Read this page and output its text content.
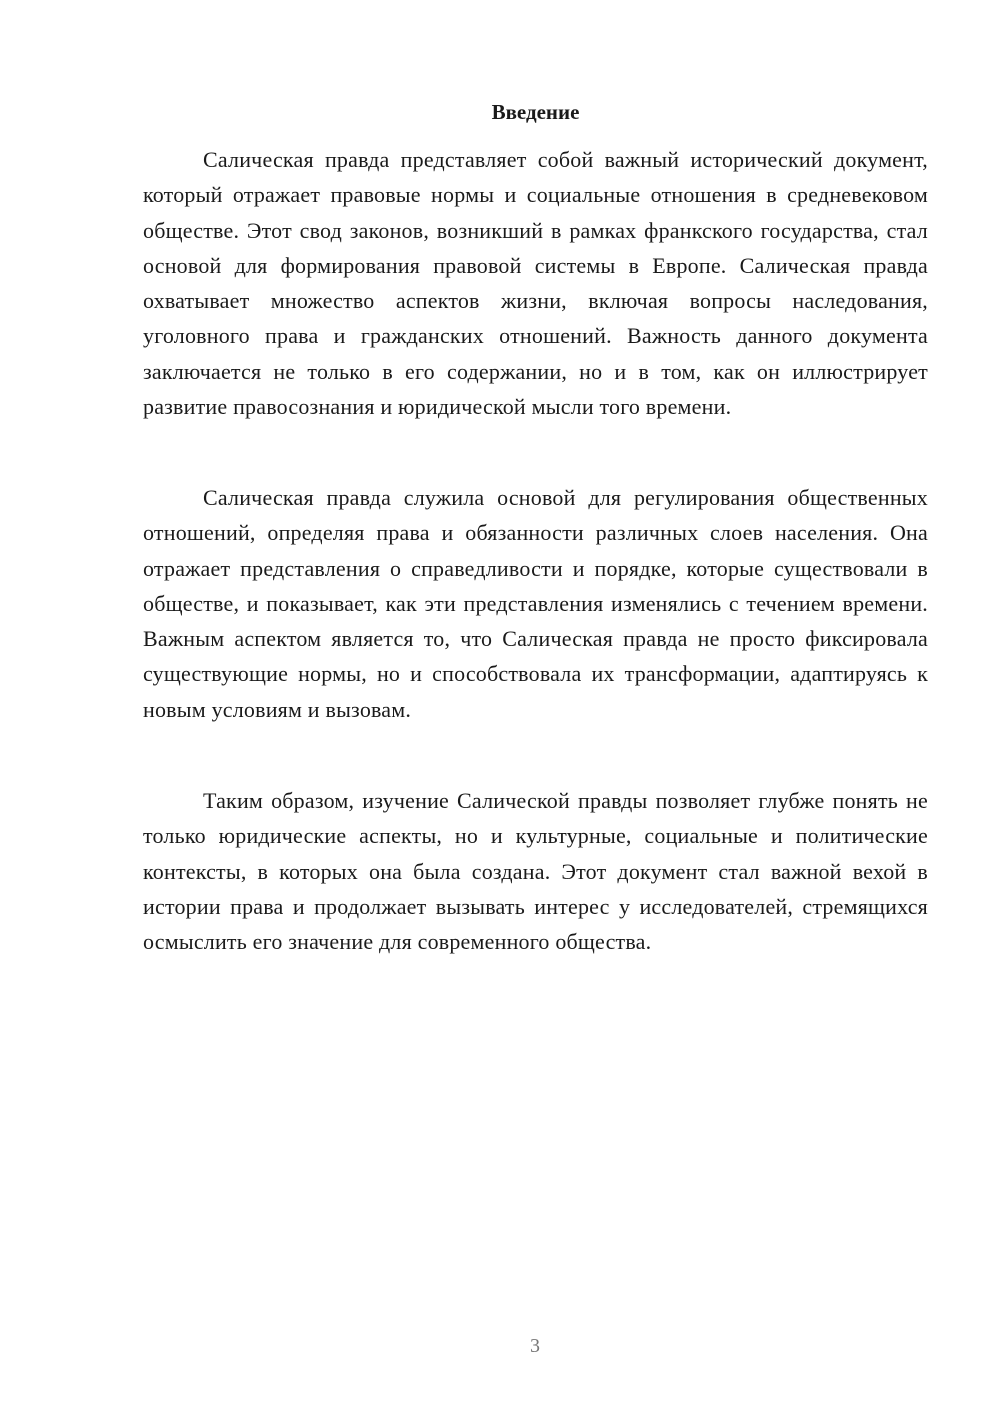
Введение

Салическая правда представляет собой важный исторический документ, который отражает правовые нормы и социальные отношения в средневековом обществе. Этот свод законов, возникший в рамках франкского государства, стал основой для формирования правовой системы в Европе. Салическая правда охватывает множество аспектов жизни, включая вопросы наследования, уголовного права и гражданских отношений. Важность данного документа заключается не только в его содержании, но и в том, как он иллюстрирует развитие правосознания и юридической мысли того времени.

Салическая правда служила основой для регулирования общественных отношений, определяя права и обязанности различных слоев населения. Она отражает представления о справедливости и порядке, которые существовали в обществе, и показывает, как эти представления изменялись с течением времени. Важным аспектом является то, что Салическая правда не просто фиксировала существующие нормы, но и способствовала их трансформации, адаптируясь к новым условиям и вызовам.

Таким образом, изучение Салической правды позволяет глубже понять не только юридические аспекты, но и культурные, социальные и политические контексты, в которых она была создана. Этот документ стал важной вехой в истории права и продолжает вызывать интерес у исследователей, стремящихся осмыслить его значение для современного общества.

3
